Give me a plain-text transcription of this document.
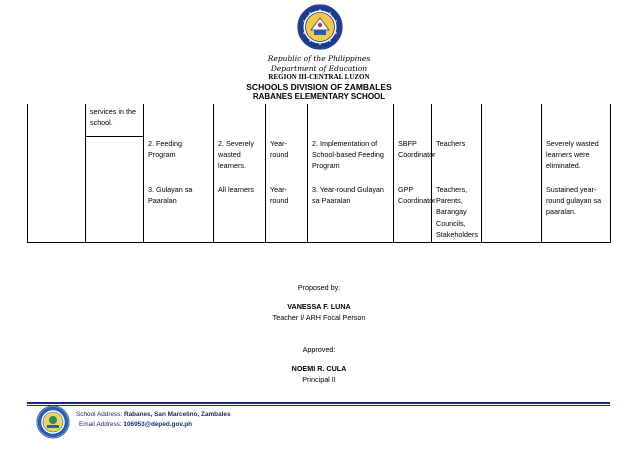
Republic of the Philippines
Department of Education
REGION III-CENTRAL LUZON
SCHOOLS DIVISION OF ZAMBALES
RABANES ELEMENTARY SCHOOL
	services in the school.								
		2. Feeding Program	2. Severely wasted learners.	Year-round	2. Implementation of School-based Feeding Program	SBFP Coordinator	Teachers		Severely wasted learners were eliminated.
		3. Gulayan sa Paaralan	All learners	Year-round	3. Year-round Gulayan sa Paaralan	GPP Coordinator	Teachers, Parents, Barangay Councils, Stakeholders		Sustained year-round gulayan sa paaralan.
Proposed by:
VANESSA F. LUNA
Teacher I/ ARH Focal Person
Approved:
NOEMI R. CULA
Principal II
School Address: Rabanes, San Marcelino, Zambales
Email Address: 106953@deped.gov.ph
